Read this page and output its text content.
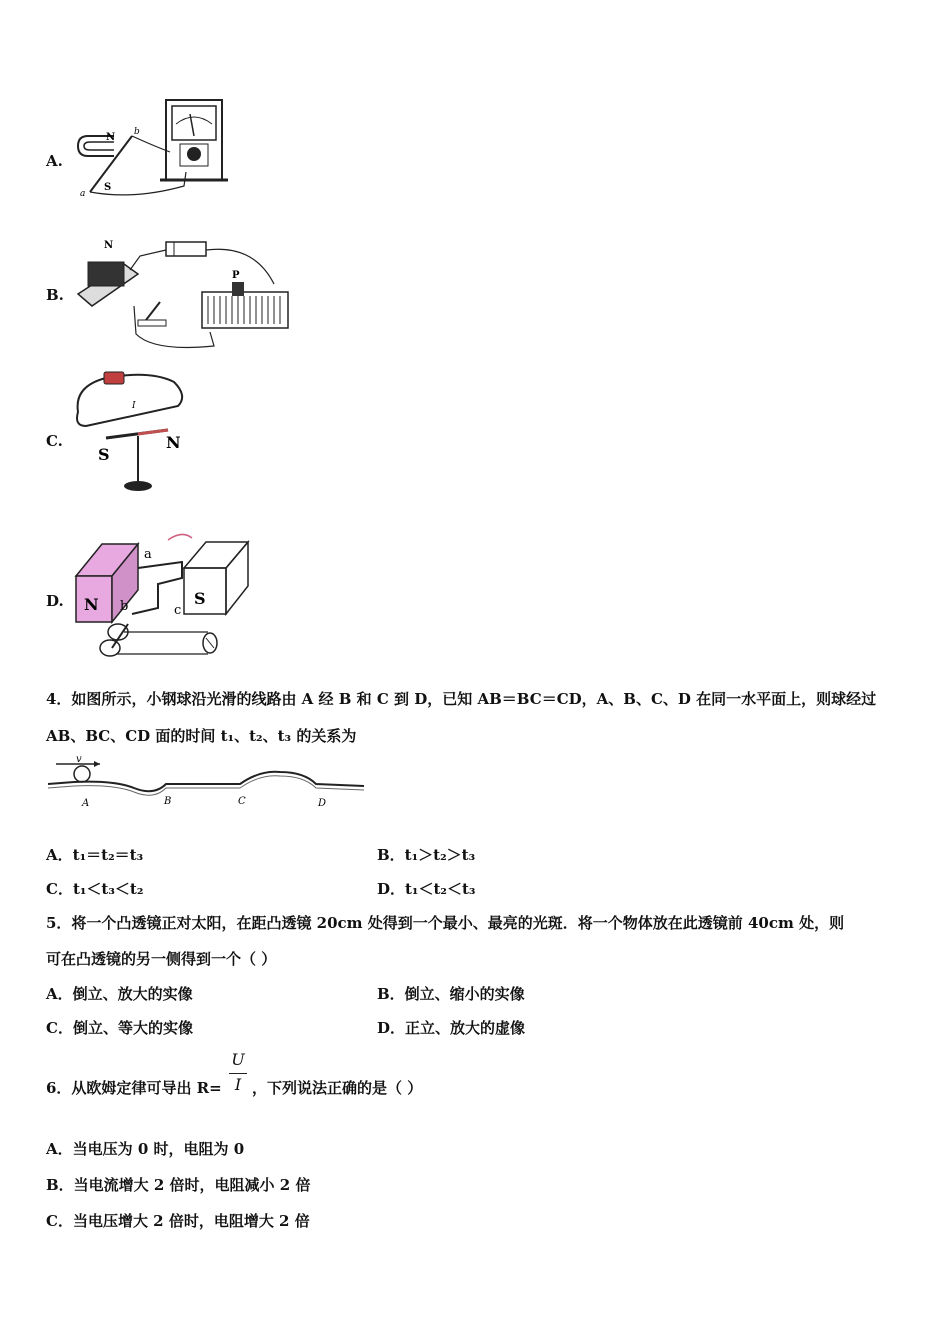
A.
N
S
a
b
B.
N
P
C.
I
S
N
D. N	S
a
b	c
4．如图所示，小钢球沿光滑的线路由 A 经 B 和 C 到 D，已知 AB＝BC＝CD，A、B、C、D 在同一水平面上，则球经过
AB、BC、CD 面的时间 t₁、t₂、t₃ 的关系为
v
A	B	C	D
A．t₁＝t₂＝t₃	B．t₁＞t₂＞t₃
C．t₁＜t₃＜t₂	D．t₁＜t₂＜t₃
5．将一个凸透镜正对太阳，在距凸透镜 20cm 处得到一个最小、最亮的光斑．将一个物体放在此透镜前 40cm 处，则
可在凸透镜的另一侧得到一个（ ）
A．倒立、放大的实像	B．倒立、缩小的实像
C．倒立、等大的实像	D．正立、放大的虚像
6．从欧姆定律可导出 R=
U
I ，下列说法正确的是（ ）
A．当电压为 0 时，电阻为 0
B．当电流增大 2 倍时，电阻减小 2 倍
C．当电压增大 2 倍时，电阻增大 2 倍
